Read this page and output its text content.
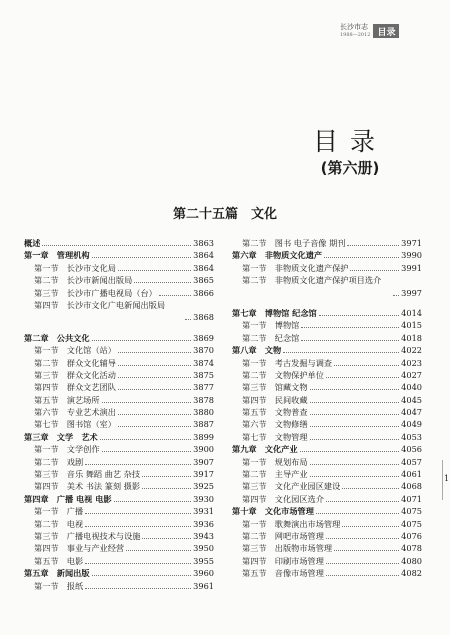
长沙市志
1988—2012 目录
目录
(第六册)
第二十五篇　文化
概述	3863
第一章　管理机构	3864
第一节　长沙市文化局	3864
第二节　长沙市新闻出版局	3865
第三节　长沙市广播电视局（台）	3866
第四节　长沙市文化广电新闻出版局
3868
第二章　公共文化	3869
第一节　文化馆（站）	3870
第二节　群众文化辅导	3874
第三节　群众文化活动	3875
第四节　群众文艺团队	3877
第五节　演艺场所	3878
第六节　专业艺术演出	3880
第七节　图书馆（室）	3887
第三章　文学　艺术	3899
第一节　文学创作	3900
第二节　戏剧	3907
第三节　音乐 舞蹈 曲艺 杂技	3917
第四节　美术 书法 篆刻 摄影	3925
第四章　广播 电视 电影	3930
第一节　广播	3931
第二节　电视	3936
第三节　广播电视技术与设施	3943
第四节　事业与产业经营	3950
第五节　电影	3955
第五章　新闻出版	3960
第一节　报纸	3961
第二节　图书 电子音像 期刊	3971
第六章　非物质文化遗产	3990
第一节　非物质文化遗产保护	3991
第二节　非物质文化遗产保护项目选介
3997
第七章　博物馆 纪念馆	4014
第一节　博物馆	4015
第二节　纪念馆	4018
第八章　文物	4022
第一节　考古发掘与调查	4023
第二节　文物保护单位	4027
第三节　馆藏文物	4040
第四节　民间收藏	4045
第五节　文物普查	4047
第六节　文物修缮	4049
第七节　文物管理	4053
第九章　文化产业	4056
第一节　规划布局	4057
第二节　主导产业	4061
第三节　文化产业园区建设	4068
第四节　文化园区选介	4071
第十章　文化市场管理	4075
第一节　歌舞演出市场管理	4075
第二节　网吧市场管理	4076
第三节　出版物市场管理	4078
第四节　印刷市场管理	4080
第五节　音像市场管理	4082
1
